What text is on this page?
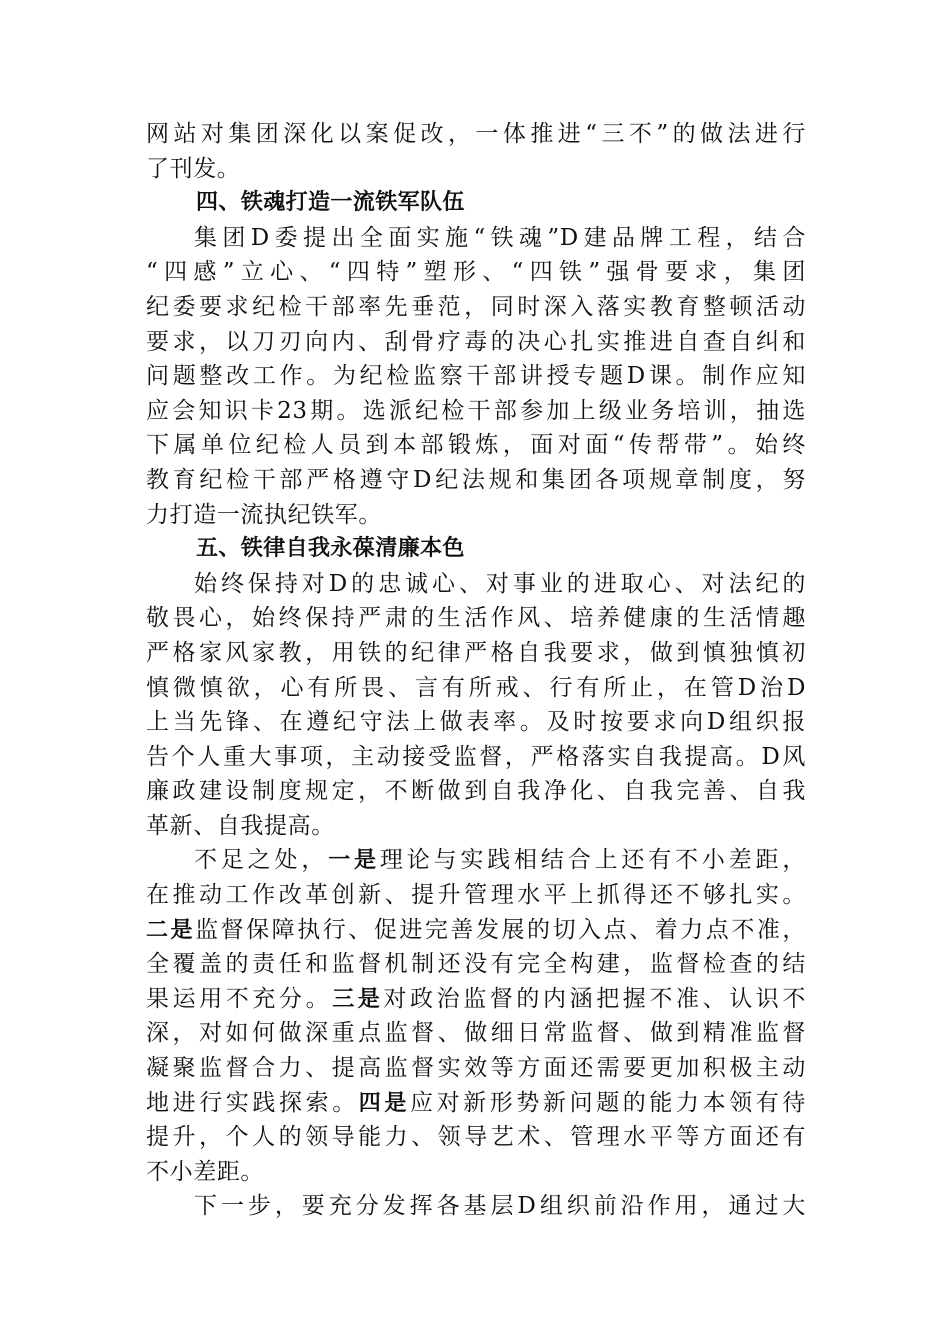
网站对集团深化以案促改，一体推进“三不”的做法进行
了刊发。
四、铁魂打造一流铁军队伍
集团D委提出全面实施“铁魂”D建品牌工程，结合
“四感”立心、“四特”塑形、“四铁”强骨要求，集团
纪委要求纪检干部率先垂范，同时深入落实教育整顿活动
要求，以刀刃向内、刮骨疗毒的决心扎实推进自查自纠和
问题整改工作。为纪检监察干部讲授专题D课。制作应知
应会知识卡23期。选派纪检干部参加上级业务培训，抽选
下属单位纪检人员到本部锻炼，面对面“传帮带”。始终
教育纪检干部严格遵守D纪法规和集团各项规章制度，努
力打造一流执纪铁军。
五、铁律自我永葆清廉本色
始终保持对D的忠诚心、对事业的进取心、对法纪的
敬畏心，始终保持严肃的生活作风、培养健康的生活情趣
严格家风家教，用铁的纪律严格自我要求，做到慎独慎初
慎微慎欲，心有所畏、言有所戒、行有所止，在管D治D
上当先锋、在遵纪守法上做表率。及时按要求向D组织报
告个人重大事项，主动接受监督，严格落实自我提高。D风
廉政建设制度规定，不断做到自我净化、自我完善、自我
革新、自我提高。
不足之处，一是理论与实践相结合上还有不小差距，
在推动工作改革创新、提升管理水平上抓得还不够扎实。
二是监督保障执行、促进完善发展的切入点、着力点不准，
全覆盖的责任和监督机制还没有完全构建，监督检查的结
果运用不充分。三是对政治监督的内涵把握不准、认识不
深，对如何做深重点监督、做细日常监督、做到精准监督
凝聚监督合力、提高监督实效等方面还需要更加积极主动
地进行实践探索。四是应对新形势新问题的能力本领有待
提升，个人的领导能力、领导艺术、管理水平等方面还有
不小差距。
下一步，要充分发挥各基层D组织前沿作用，通过大
